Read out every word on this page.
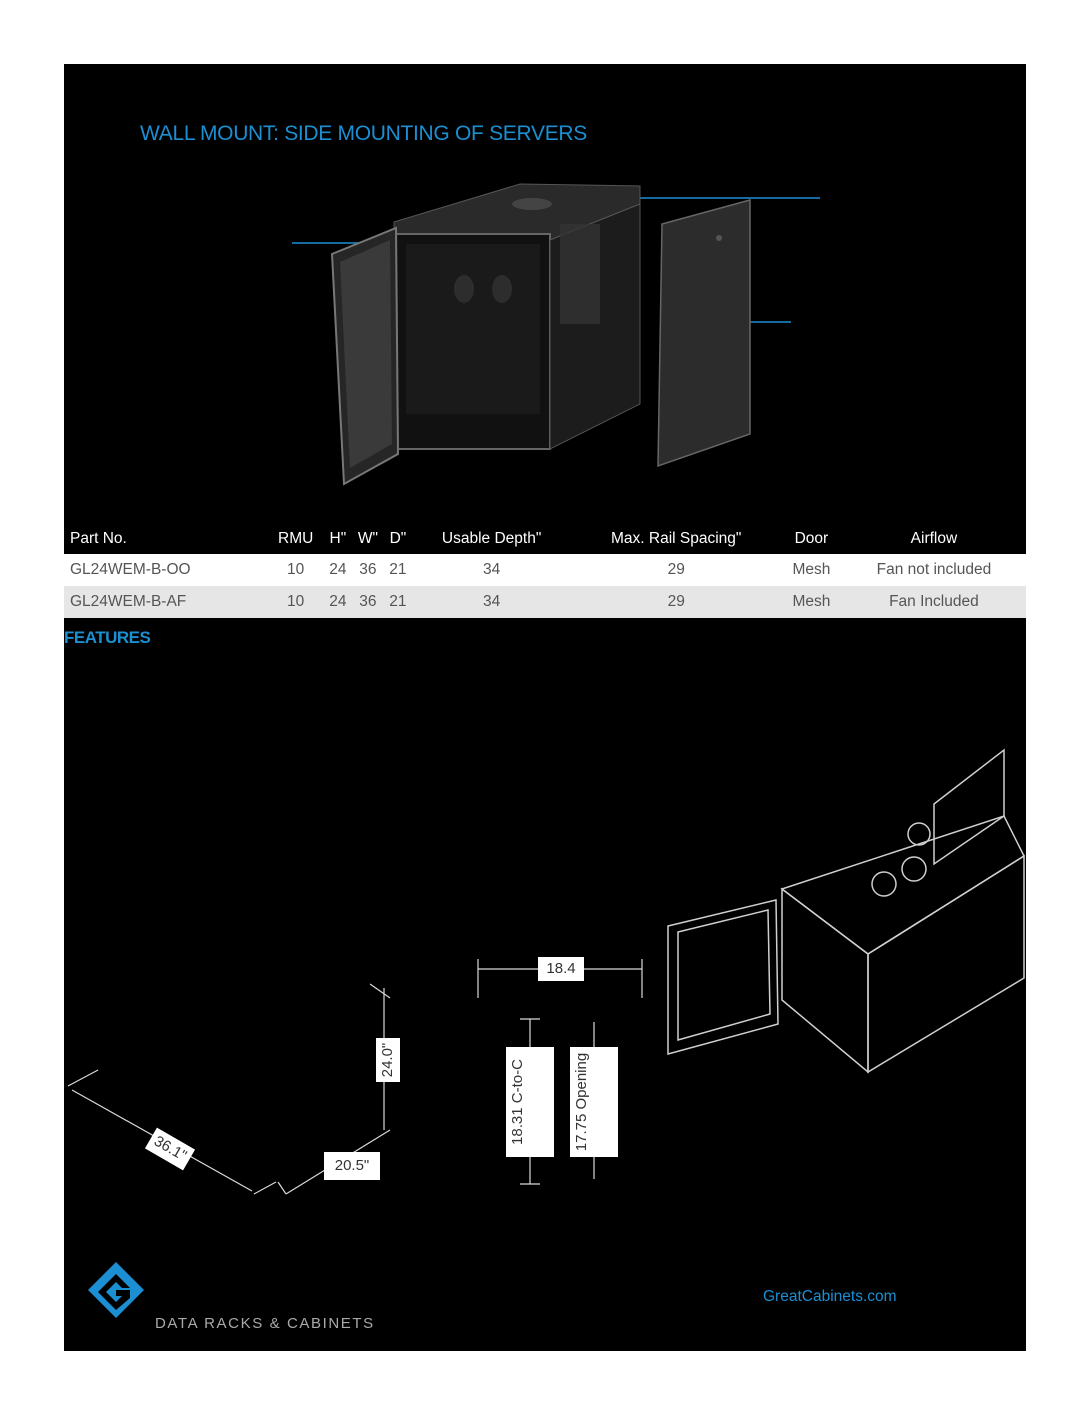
WALL MOUNT: SIDE MOUNTING OF SERVERS
Part No.	RMU	H"	W"	D"	Usable Depth"	Max. Rail Spacing"	Door	Airflow
GL24WEM-B-OO	10	24	36	21	34	29	Mesh	Fan not included
GL24WEM-B-AF	10	24	36	21	34	29	Mesh	Fan Included
FEATURES
36.1"
20.5"
24.0"
18.4
18.31 C-to-C	17.75 Opening
GreatCabinets.com
DATA RACKS & CABINETS
